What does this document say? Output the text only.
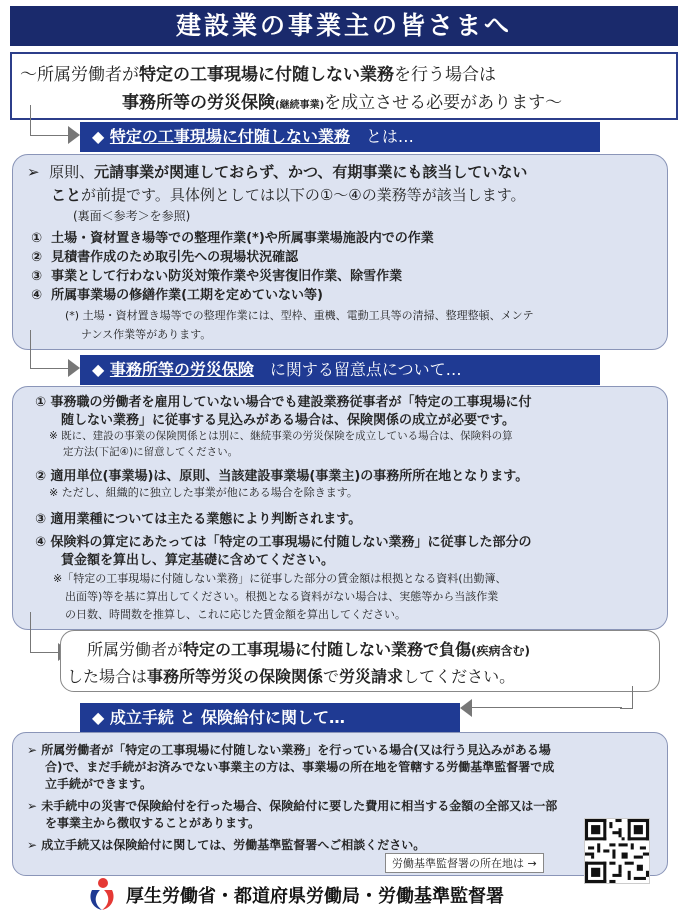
建設業の事業主の皆さまへ
〜所属労働者が特定の工事現場に付随しない業務を行う場合は
事務所等の労災保険(継続事業)を成立させる必要があります〜
◆ 特定の工事現場に付随しない業務　 とは…
➢ 原則、元請事業が関連しておらず、かつ、有期事業にも該当していない
ことが前提です。具体例としては以下の①〜④の業務等が該当します。
(裏面＜参考＞を参照)
① 土場・資材置き場等での整理作業(*)や所属事業場施設内での作業
② 見積書作成のため取引先への現場状況確認
③ 事業として行わない防災対策作業や災害復旧作業、除雪作業
④ 所属事業場の修繕作業(工期を定めていない等)
(*) 土場・資材置き場等での整理作業には、型枠、重機、電動工具等の清掃、整理整頓、メンテ
ナンス作業等があります。
◆ 事務所等の労災保険　 に関する留意点について…
① 事務職の労働者を雇用していない場合でも建設業務従事者が「特定の工事現場に付
随しない業務」に従事する見込みがある場合は、保険関係の成立が必要です。
※ 既に、建設の事業の保険関係とは別に、継続事業の労災保険を成立している場合は、保険料の算
定方法(下記④)に留意してください。
② 適用単位(事業場)は、原則、当該建設事業場(事業主)の事務所所在地となります。
※ ただし、組織的に独立した事業が他にある場合を除きます。
③ 適用業種については主たる業態により判断されます。
④ 保険料の算定にあたっては「特定の工事現場に付随しない業務」に従事した部分の
賃金額を算出し、算定基礎に含めてください。
※「特定の工事現場に付随しない業務」に従事した部分の賃金額は根拠となる資料(出勤簿、
出面等)等を基に算出してください。根拠となる資料がない場合は、実態等から当該作業
の日数、時間数を推算し、これに応じた賃金額を算出してください。
所属労働者が特定の工事現場に付随しない業務で負傷(疾病含む)
した場合は事務所等労災の保険関係で労災請求してください。
◆ 成立手続 と 保険給付に関して…
➢ 所属労働者が「特定の工事現場に付随しない業務」を行っている場合(又は行う見込みがある場
合)で、まだ手続がお済みでない事業主の方は、事業場の所在地を管轄する労働基準監督署で成
立手続ができます。
➢ 未手続中の災害で保険給付を行った場合、保険給付に要した費用に相当する金額の全部又は一部
を事業主から徴収することがあります。
➢ 成立手続又は保険給付に関しては、労働基準監督署へご相談ください。
労働基準監督署の所在地は →
厚生労働省・都道府県労働局・労働基準監督署
